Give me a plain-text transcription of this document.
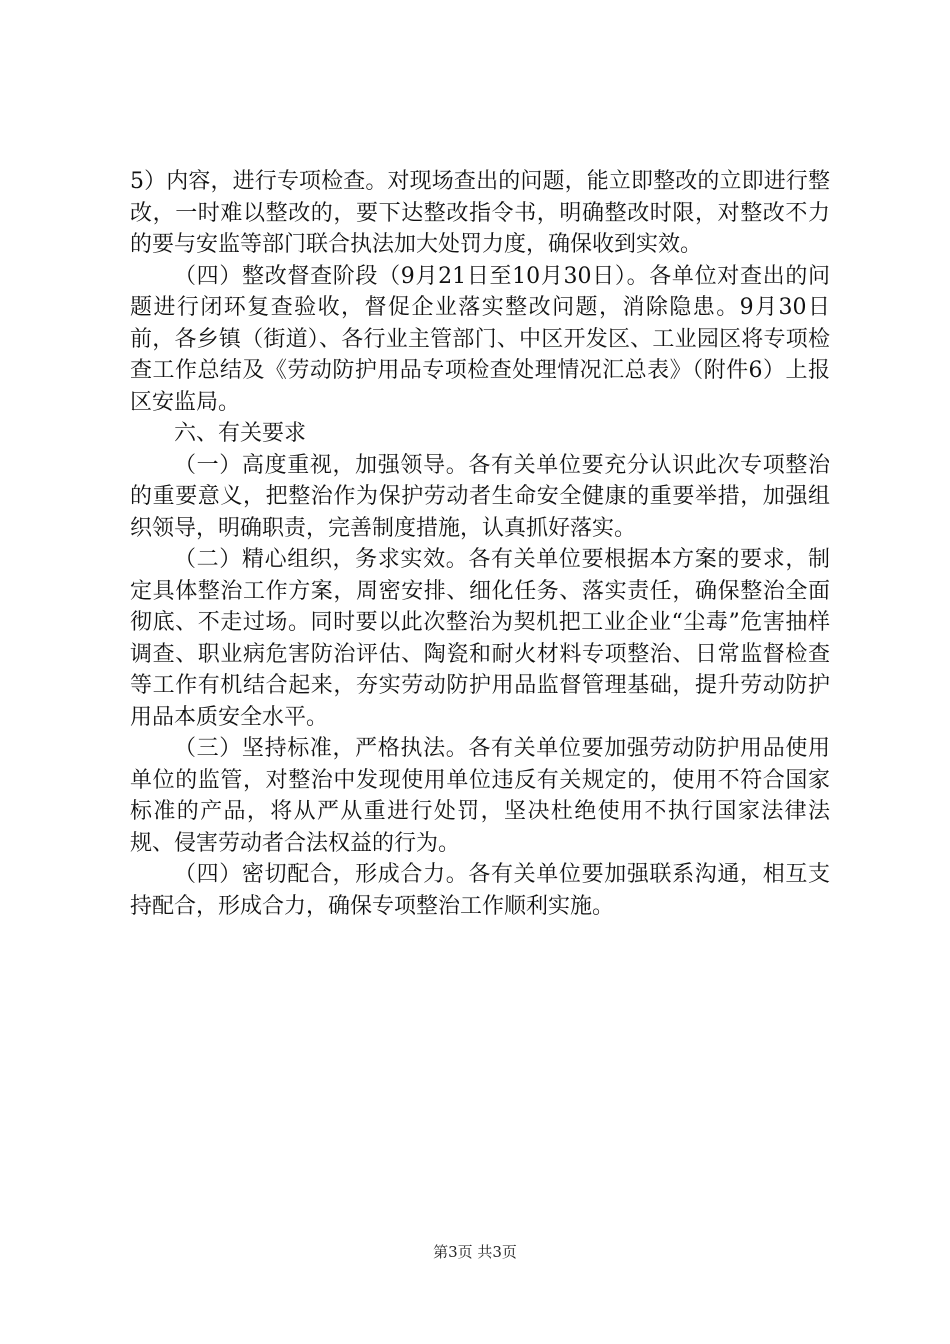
5）内容，进行专项检查。对现场查出的问题，能立即整改的立即进行整改，一时难以整改的，要下达整改指令书，明确整改时限，对整改不力的要与安监等部门联合执法加大处罚力度，确保收到实效。

（四）整改督查阶段（9月21日至10月30日）。各单位对查出的问题进行闭环复查验收，督促企业落实整改问题，消除隐患。9月30日前，各乡镇（街道）、各行业主管部门、中区开发区、工业园区将专项检查工作总结及《劳动防护用品专项检查处理情况汇总表》（附件6）上报区安监局。

六、有关要求

（一）高度重视，加强领导。各有关单位要充分认识此次专项整治的重要意义，把整治作为保护劳动者生命安全健康的重要举措，加强组织领导，明确职责，完善制度措施，认真抓好落实。

（二）精心组织，务求实效。各有关单位要根据本方案的要求，制定具体整治工作方案，周密安排、细化任务、落实责任，确保整治全面彻底、不走过场。同时要以此次整治为契机把工业企业“尘毒”危害抽样调查、职业病危害防治评估、陶瓷和耐火材料专项整治、日常监督检查等工作有机结合起来，夯实劳动防护用品监督管理基础，提升劳动防护用品本质安全水平。

（三）坚持标准，严格执法。各有关单位要加强劳动防护用品使用单位的监管，对整治中发现使用单位违反有关规定的，使用不符合国家标准的产品，将从严从重进行处罚，坚决杜绝使用不执行国家法律法规、侵害劳动者合法权益的行为。

（四）密切配合，形成合力。各有关单位要加强联系沟通，相互支持配合，形成合力，确保专项整治工作顺利实施。

第3页 共3页
